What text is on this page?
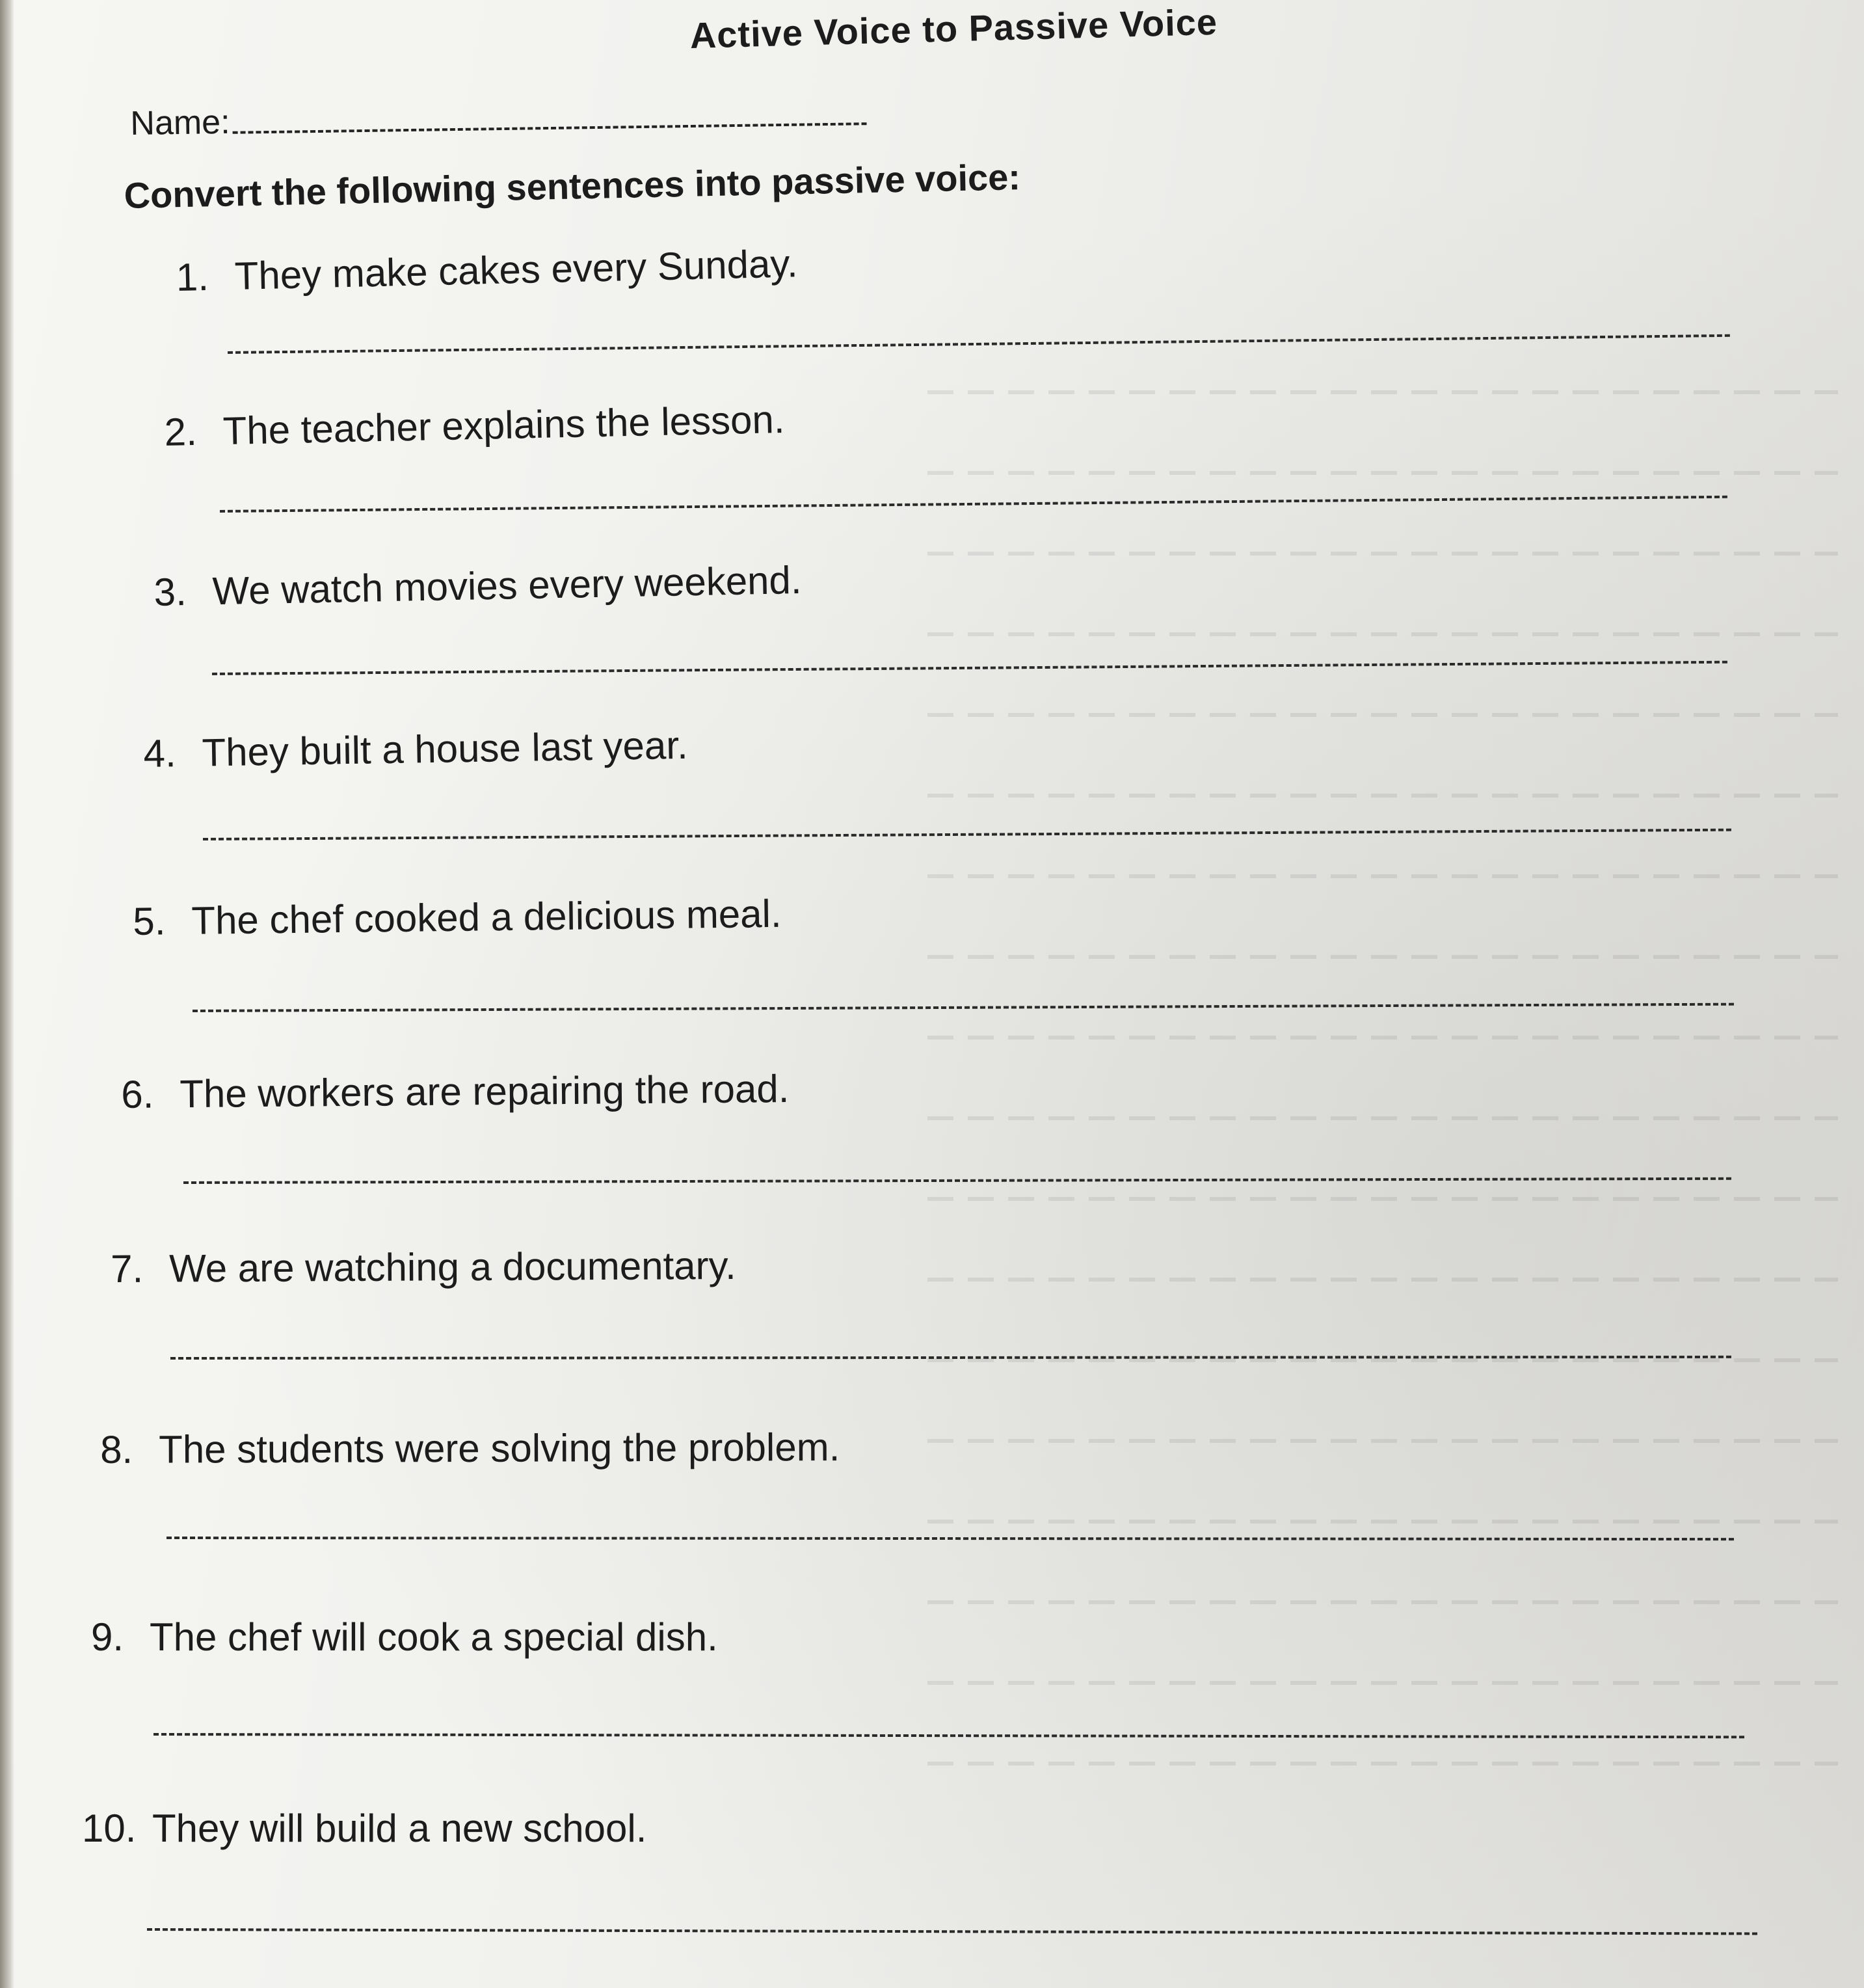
Active Voice to Passive Voice
Name:
Convert the following sentences into passive voice:
1. They make cakes every Sunday.
2. The teacher explains the lesson.
3. We watch movies every weekend.
4. They built a house last year.
5. The chef cooked a delicious meal.
6. The workers are repairing the road.
7. We are watching a documentary.
8. The students were solving the problem.
9. The chef will cook a special dish.
10. They will build a new school.
